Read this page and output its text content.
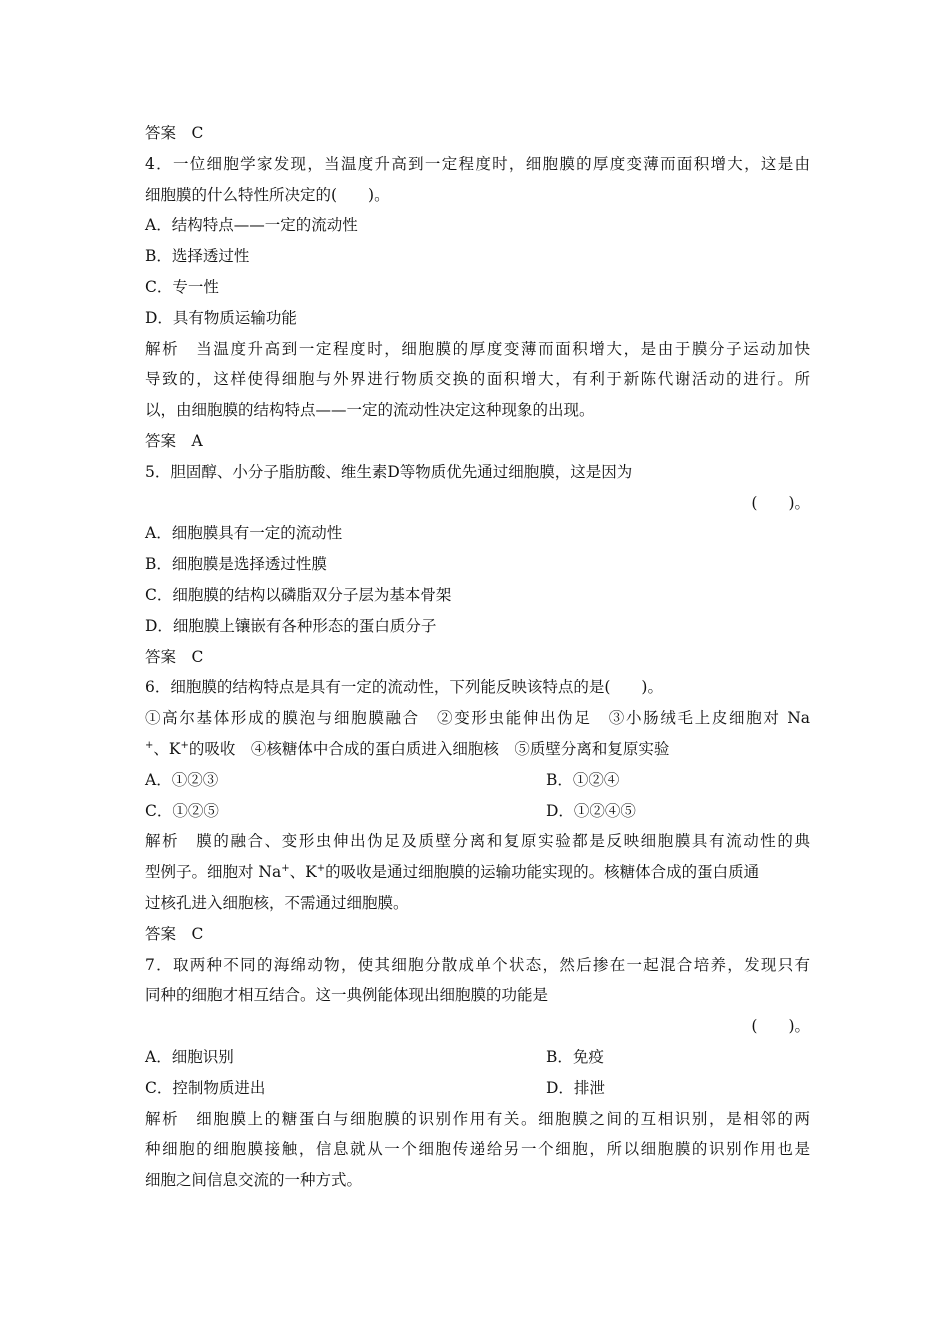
答案　C
4．一位细胞学家发现，当温度升高到一定程度时，细胞膜的厚度变薄而面积增大，这是由
细胞膜的什么特性所决定的(　　)。
A．结构特点——一定的流动性
B．选择透过性
C．专一性
D．具有物质运输功能
解析　当温度升高到一定程度时，细胞膜的厚度变薄而面积增大，是由于膜分子运动加快
导致的，这样使得细胞与外界进行物质交换的面积增大，有利于新陈代谢活动的进行。所
以，由细胞膜的结构特点——一定的流动性决定这种现象的出现。
答案　A
5．胆固醇、小分子脂肪酸、维生素D等物质优先通过细胞膜，这是因为
(　　)。
A．细胞膜具有一定的流动性
B．细胞膜是选择透过性膜
C．细胞膜的结构以磷脂双分子层为基本骨架
D．细胞膜上镶嵌有各种形态的蛋白质分子
答案　C
6．细胞膜的结构特点是具有一定的流动性，下列能反映该特点的是(　　)。
①高尔基体形成的膜泡与细胞膜融合　②变形虫能伸出伪足　③小肠绒毛上皮细胞对 Na
+、K+的吸收　④核糖体中合成的蛋白质进入细胞核　⑤质壁分离和复原实验
A．①②③	B．①②④
C．①②⑤	D．①②④⑤
解析　膜的融合、变形虫伸出伪足及质壁分离和复原实验都是反映细胞膜具有流动性的典
型例子。细胞对 Na+、K+的吸收是通过细胞膜的运输功能实现的。核糖体合成的蛋白质通
过核孔进入细胞核，不需通过细胞膜。
答案　C
7．取两种不同的海绵动物，使其细胞分散成单个状态，然后掺在一起混合培养，发现只有
同种的细胞才相互结合。这一典例能体现出细胞膜的功能是
(　　)。
A．细胞识别	B．免疫
C．控制物质进出	D．排泄
解析　细胞膜上的糖蛋白与细胞膜的识别作用有关。细胞膜之间的互相识别，是相邻的两
种细胞的细胞膜接触，信息就从一个细胞传递给另一个细胞，所以细胞膜的识别作用也是
细胞之间信息交流的一种方式。
